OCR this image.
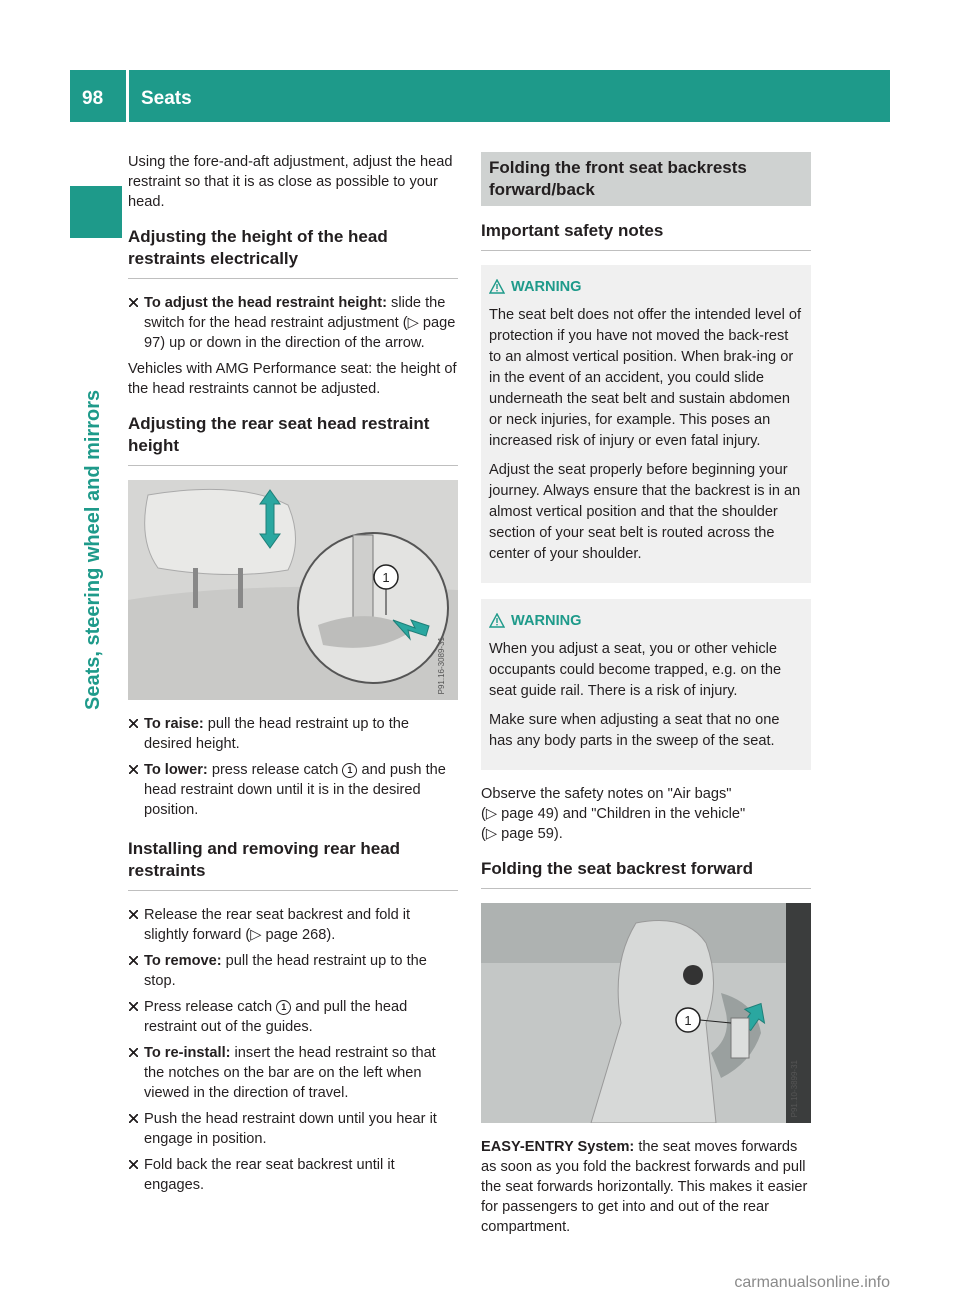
98 Seats
Seats, steering wheel and mirrors

Using the fore-and-aft adjustment, adjust the head restraint so that it is as close as possible to your head.

Adjusting the height of the head restraints electrically
To adjust the head restraint height: slide the switch for the head restraint adjustment (▷ page 97) up or down in the direction of the arrow.

Vehicles with AMG Performance seat: the height of the head restraints cannot be adjusted.

Adjusting the rear seat head restraint height
1
P91.16-3089-31
To raise: pull the head restraint up to the desired height.
To lower: press release catch 1 and push the head restraint down until it is in the desired position.
Installing and removing rear head restraints
Release the rear seat backrest and fold it slightly forward (▷ page 268).
To remove: pull the head restraint up to the stop.
Press release catch 1 and pull the head restraint out of the guides.
To re-install: insert the head restraint so that the notches on the bar are on the left when viewed in the direction of travel.
Push the head restraint down until you hear it engage in position.
Fold back the rear seat backrest until it engages.
Folding the front seat backrests forward/back
Important safety notes
WARNING

The seat belt does not offer the intended level of protection if you have not moved the back-rest to an almost vertical position. When brak-ing or in the event of an accident, you could slide underneath the seat belt and sustain abdomen or neck injuries, for example. This poses an increased risk of injury or even fatal injury.

Adjust the seat properly before beginning your journey. Always ensure that the backrest is in an almost vertical position and that the shoulder section of your seat belt is routed across the center of your shoulder.

WARNING

When you adjust a seat, you or other vehicle occupants could become trapped, e.g. on the seat guide rail. There is a risk of injury.

Make sure when adjusting a seat that no one has any body parts in the sweep of the seat.

Observe the safety notes on "Air bags"
(▷ page 49) and "Children in the vehicle"
(▷ page 59).

Folding the seat backrest forward
1
P91.10-3899-31

EASY-ENTRY System: the seat moves forwards as soon as you fold the backrest forwards and pull the seat forwards horizontally. This makes it easier for passengers to get into and out of the rear compartment.

carmanualsonline.info
